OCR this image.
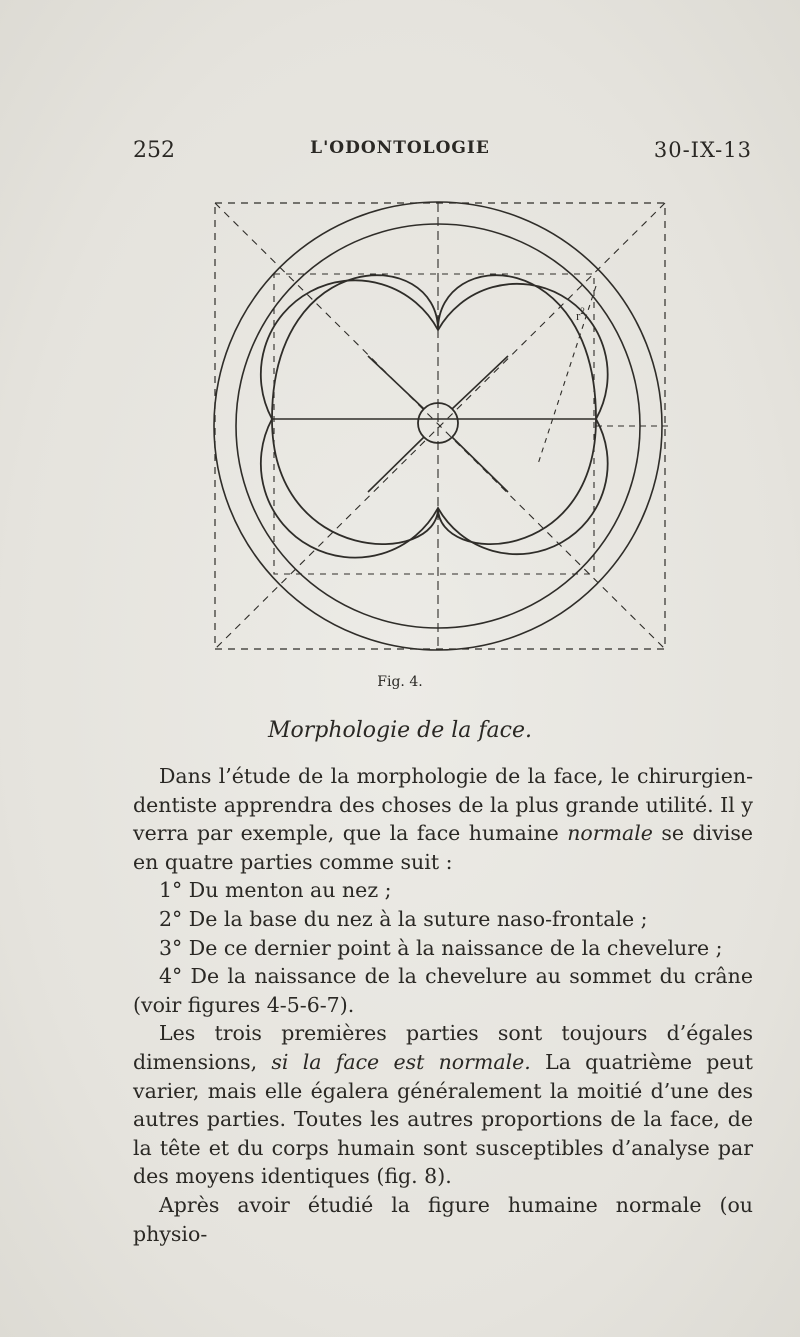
252	L'ODONTOLOGIE	30-IX-13
$r^2$
Fig. 4.
Morphologie de la face.

Dans l’étude de la morphologie de la face, le chirurgien-dentiste apprendra des choses de la plus grande utilité. Il y verra par exemple, que la face humaine normale se divise en quatre parties comme suit :

1° Du menton au nez ;

2° De la base du nez à la suture naso-frontale ;

3° De ce dernier point à la naissance de la chevelure ;

4° De la naissance de la chevelure au sommet du crâne (voir figures 4-5-6-7).

Les trois premières parties sont toujours d’égales dimensions, si la face est normale. La quatrième peut varier, mais elle égalera généralement la moitié d’une des autres parties. Toutes les autres proportions de la face, de la tête et du corps humain sont susceptibles d’analyse par des moyens identiques (fig. 8).

Après avoir étudié la figure humaine normale (ou physio-
